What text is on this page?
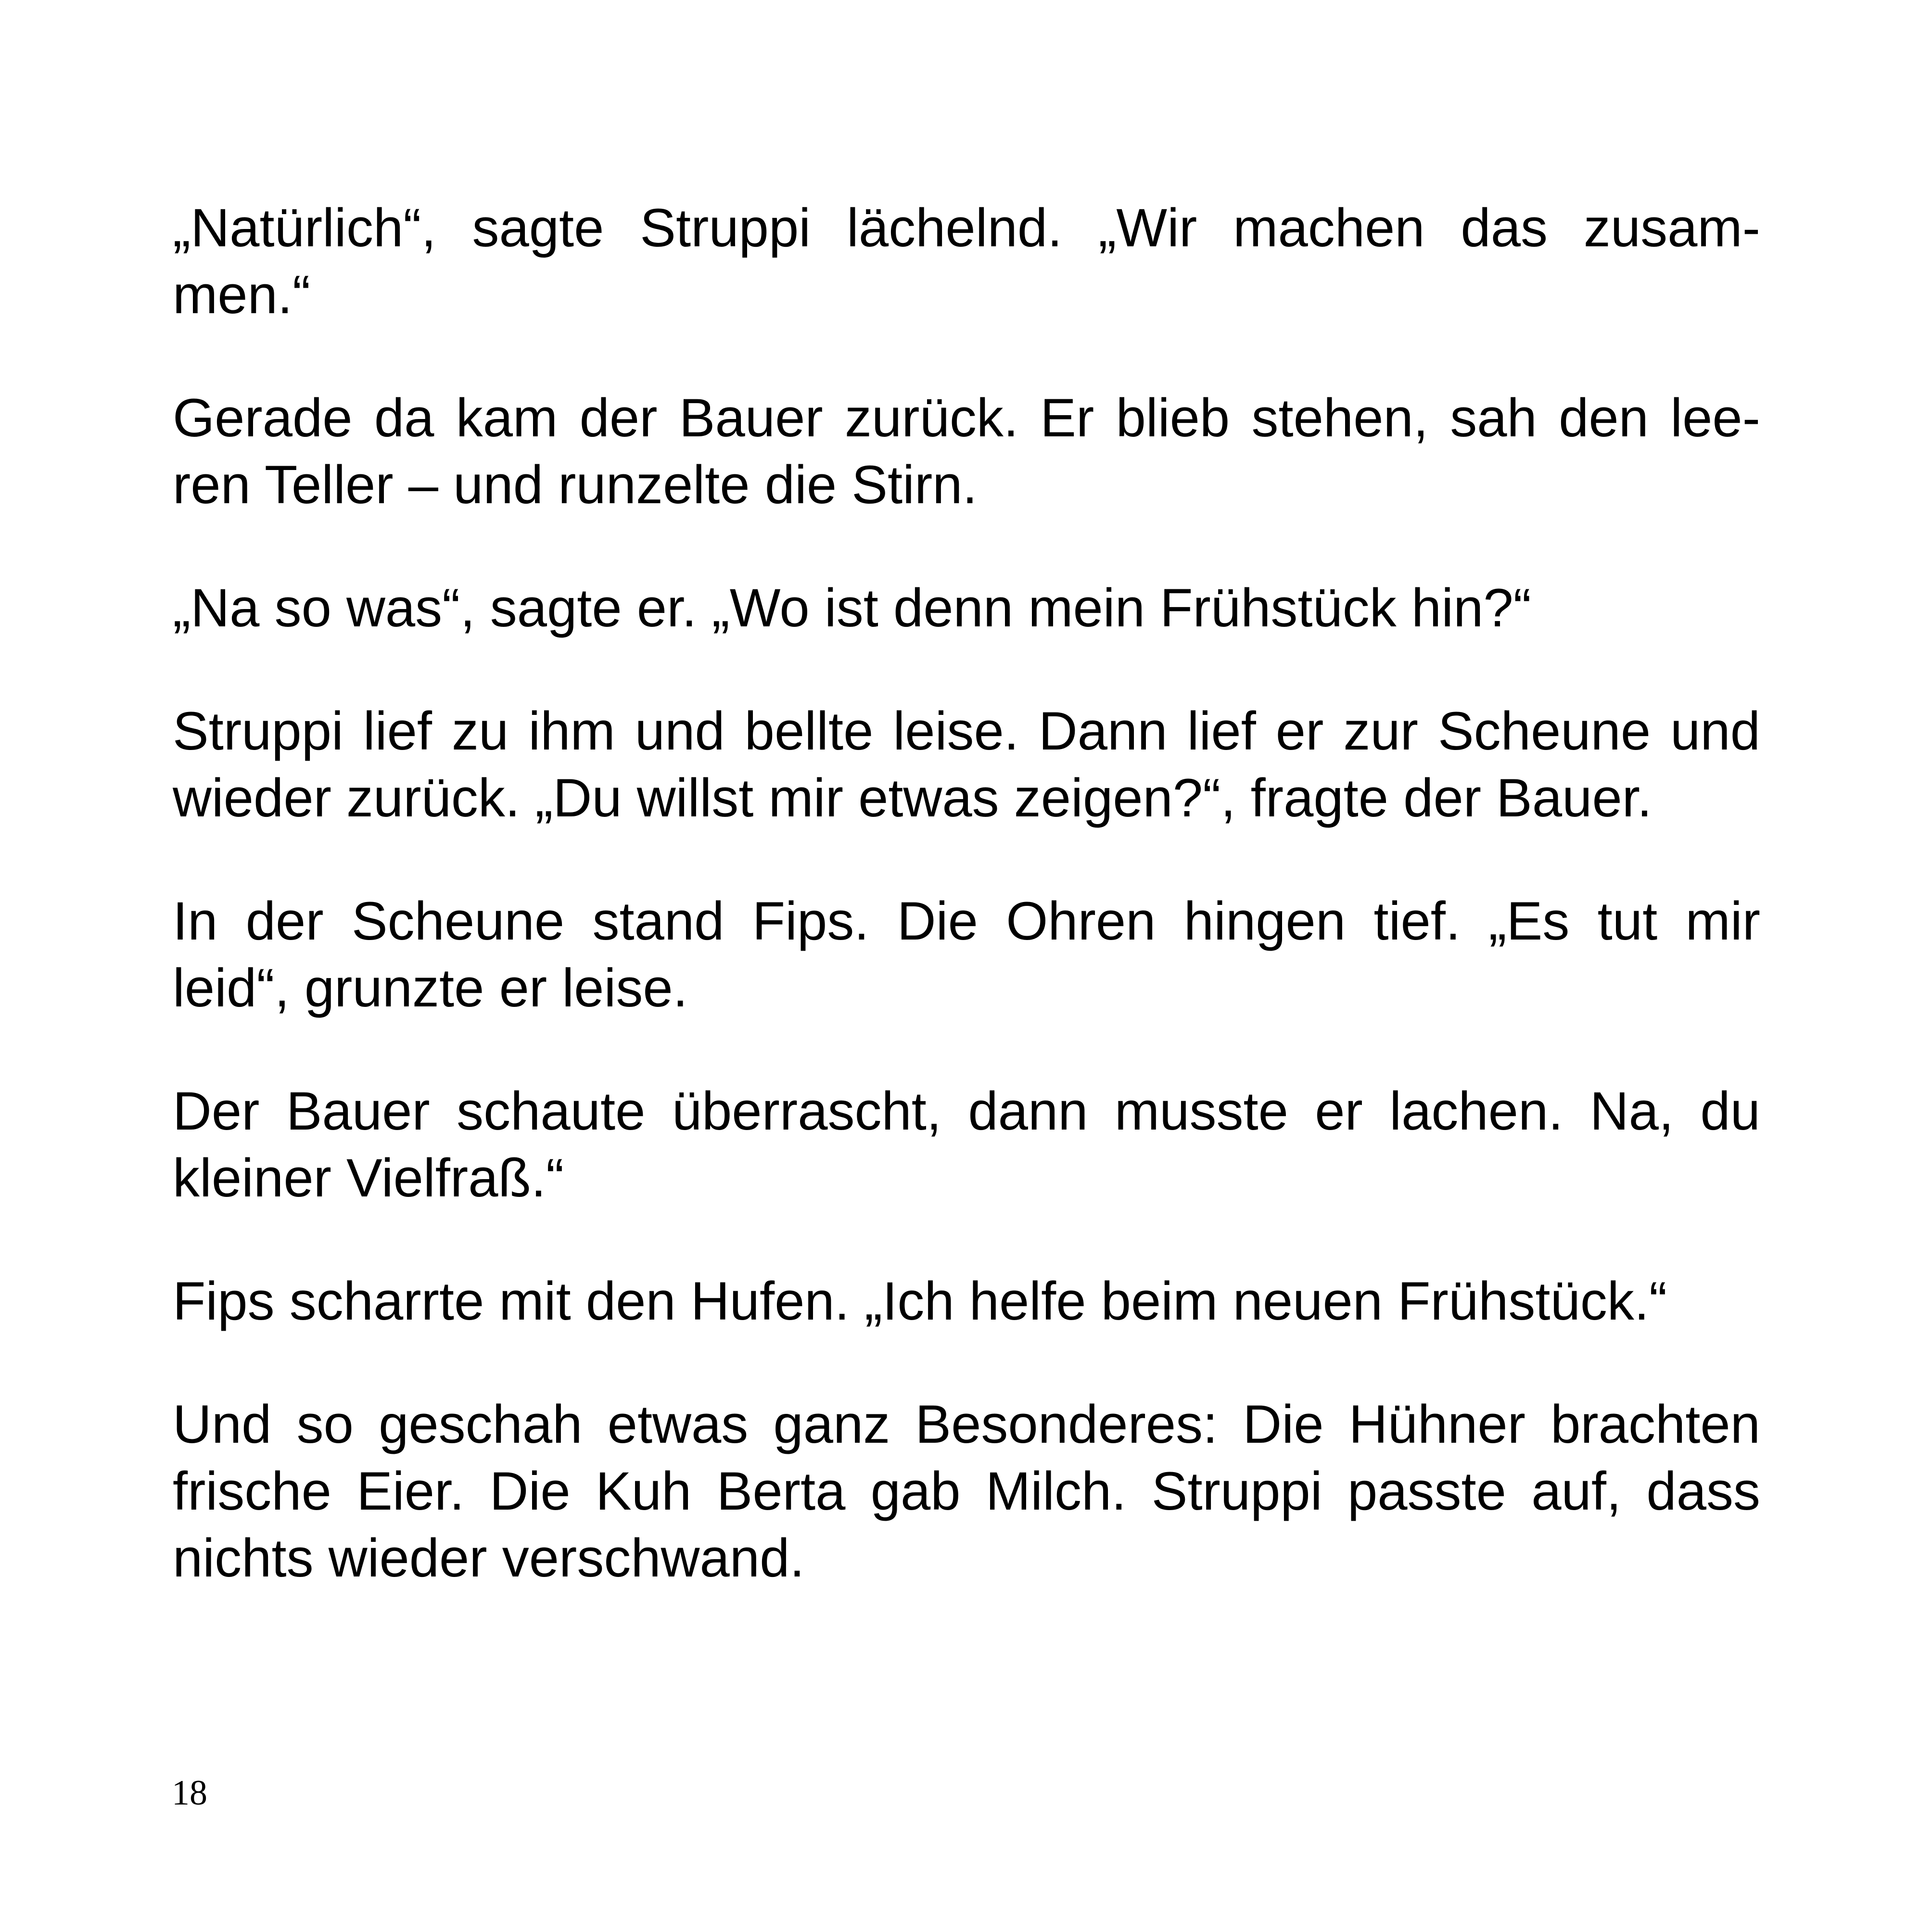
„Natürlich“, sagte Struppi lächelnd. „Wir machen das zusam-
men.“

Gerade da kam der Bauer zurück. Er blieb stehen, sah den lee-
ren Teller – und runzelte die Stirn.

„Na so was“, sagte er. „Wo ist denn mein Frühstück hin?“

Struppi lief zu ihm und bellte leise. Dann lief er zur Scheune und
wieder zurück. „Du willst mir etwas zeigen?“, fragte der Bauer.

In der Scheune stand Fips. Die Ohren hingen tief. „Es tut mir
leid“, grunzte er leise.

Der Bauer schaute überrascht, dann musste er lachen. Na, du
kleiner Vielfraß.“

Fips scharrte mit den Hufen. „Ich helfe beim neuen Frühstück.“

Und so geschah etwas ganz Besonderes: Die Hühner brachten
frische Eier. Die Kuh Berta gab Milch. Struppi passte auf, dass
nichts wieder verschwand.

18
